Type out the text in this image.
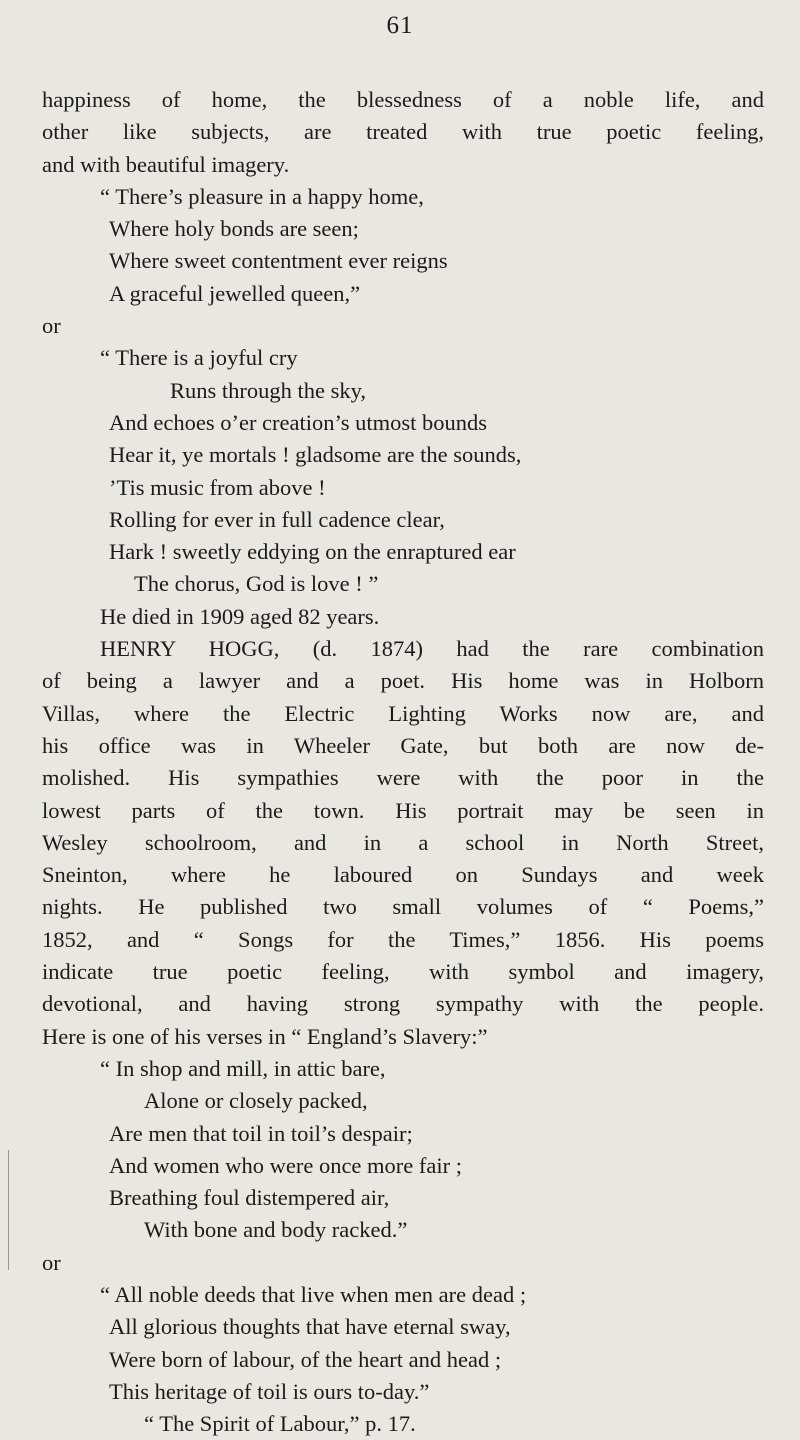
61
happiness of home, the blessedness of a noble life, and
other like subjects, are treated with true poetic feeling,
and with beautiful imagery.
“ There’s pleasure in a happy home,
Where holy bonds are seen;
Where sweet contentment ever reigns
A graceful jewelled queen,”
or
“ There is a joyful cry
Runs through the sky,
And echoes o’er creation’s utmost bounds
Hear it, ye mortals ! gladsome are the sounds,
’Tis music from above !
Rolling for ever in full cadence clear,
Hark ! sweetly eddying on the enraptured ear
The chorus, God is love ! ”
He died in 1909 aged 82 years.
HENRY HOGG, (d. 1874) had the rare combination
of being a lawyer and a poet. His home was in Holborn
Villas, where the Electric Lighting Works now are, and
his office was in Wheeler Gate, but both are now de-
molished. His sympathies were with the poor in the
lowest parts of the town. His portrait may be seen in
Wesley schoolroom, and in a school in North Street,
Sneinton, where he laboured on Sundays and week
nights. He published two small volumes of “ Poems,”
1852, and “ Songs for the Times,” 1856. His poems
indicate true poetic feeling, with symbol and imagery,
devotional, and having strong sympathy with the people.
Here is one of his verses in “ England’s Slavery:”
“ In shop and mill, in attic bare,
Alone or closely packed,
Are men that toil in toil’s despair;
And women who were once more fair ;
Breathing foul distempered air,
With bone and body racked.”
or
“ All noble deeds that live when men are dead ;
All glorious thoughts that have eternal sway,
Were born of labour, of the heart and head ;
This heritage of toil is ours to-day.”
“ The Spirit of Labour,” p. 17.
